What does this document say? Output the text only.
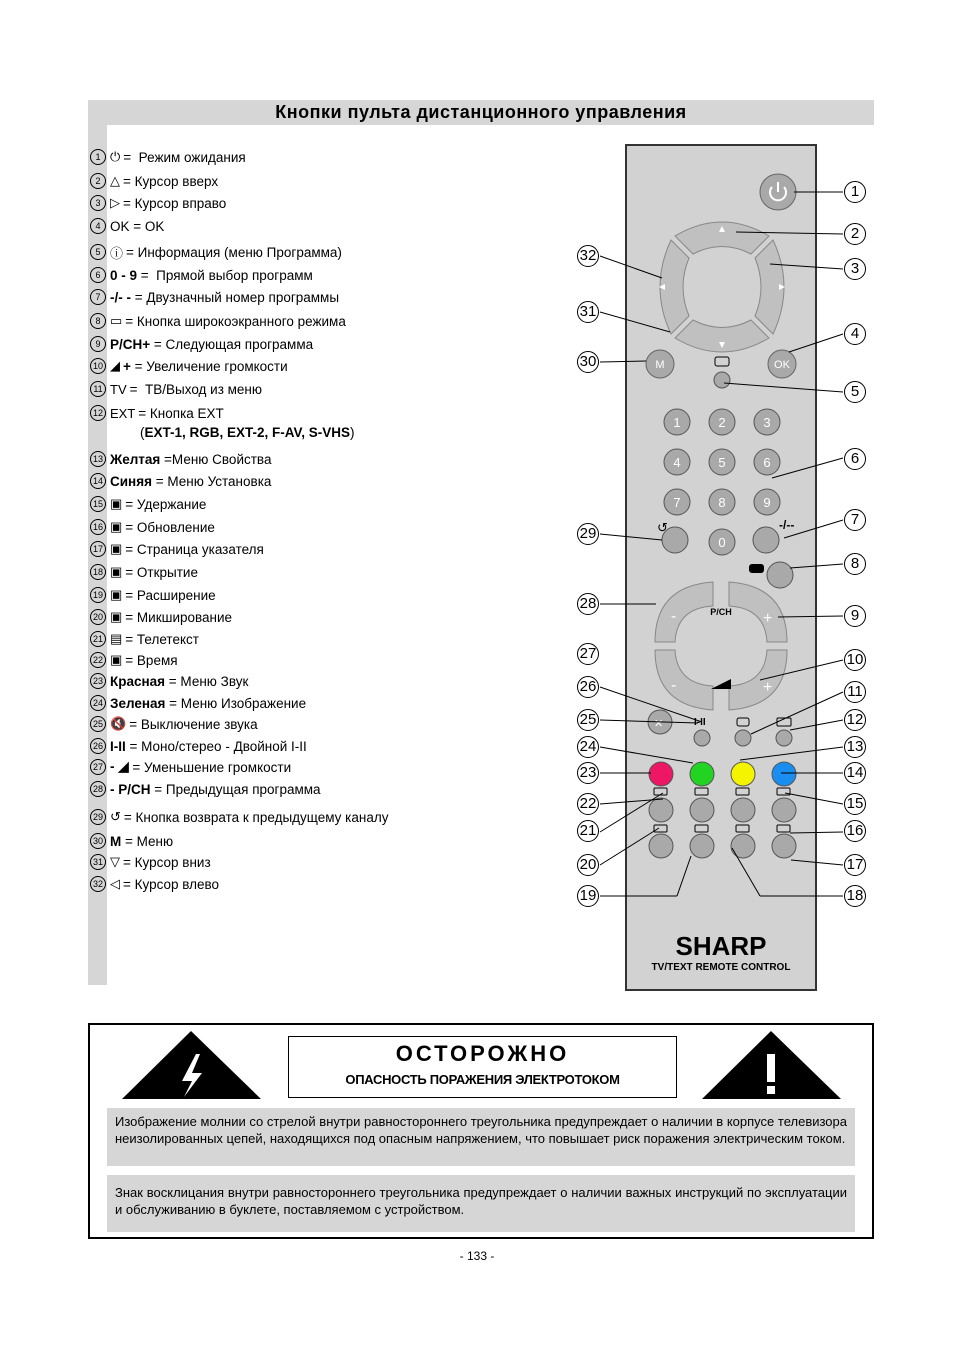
Кнопки пульта дистанционного управления
1 ⏻ =  Режим ожидания
2 △ = Курсор вверх
3 ▷ = Курсор вправо
4 OK = OK
5 ⓘ = Информация (меню Программа)
6 0 - 9 =  Прямой выбор программ
7 -/- - = Двузначный номер программы
8 ▭ = Кнопка широкоэкранного режима
9 P/CH+ = Следующая программа
10 ◢ + = Увеличение громкости
11 TV =  ТВ/Выход из меню
12 EXT = Кнопка EXT
13 Желтая =Меню Свойства
14 Синяя = Меню Установка
15 ▣ = Удержание
16 ▣ = Обновление
17 ▣ = Страница указателя
18 ▣ = Открытие
19 ▣ = Расширение
20 ▣ = Микширование
21 ▤ = Телетекст
22 ▣ = Время
23 Красная = Меню Звук
24 Зеленая = Меню Изображение
25 🔇 = Выключение звука
26 I-II = Моно/стерео - Двойной I-II
27 - ◢ = Уменьшение громкости
28 - P/CH = Предыдущая программа
29 ↺ = Кнопка возврата к предыдущему каналу
30 M = Меню
31 ▽ = Курсор вниз
32 ◁ = Курсор влево
(EXT-1, RGB, EXT-2, F-AV, S-VHS)
M	OK
1	2	3
4	5	6
7	8	9
0
↺	-/--
P/CH
-	+
-	+
✕	I-II
SHARP
TV/TEXT REMOTE CONTROL
1
2
3
4
5
6
7
8
9
10
11
12
13
14
15
16
17
18
19
20
21
22
23
24
25
26
27
28
29
30
31
32
ОСТОРОЖНО
ОПАСНОСТЬ ПОРАЖЕНИЯ ЭЛЕКТРОТОКОМ
Изображение молнии со стрелой внутри равностороннего треугольника предупреждает о наличии в корпусе телевизора неизолированных цепей, находящихся под опасным напряжением, что повышает риск поражения электрическим током.
Знак восклицания внутри равностороннего треугольника предупреждает о наличии важных инструкций по эксплуатации и обслуживанию в буклете, поставляемом с устройством.
- 133 -
